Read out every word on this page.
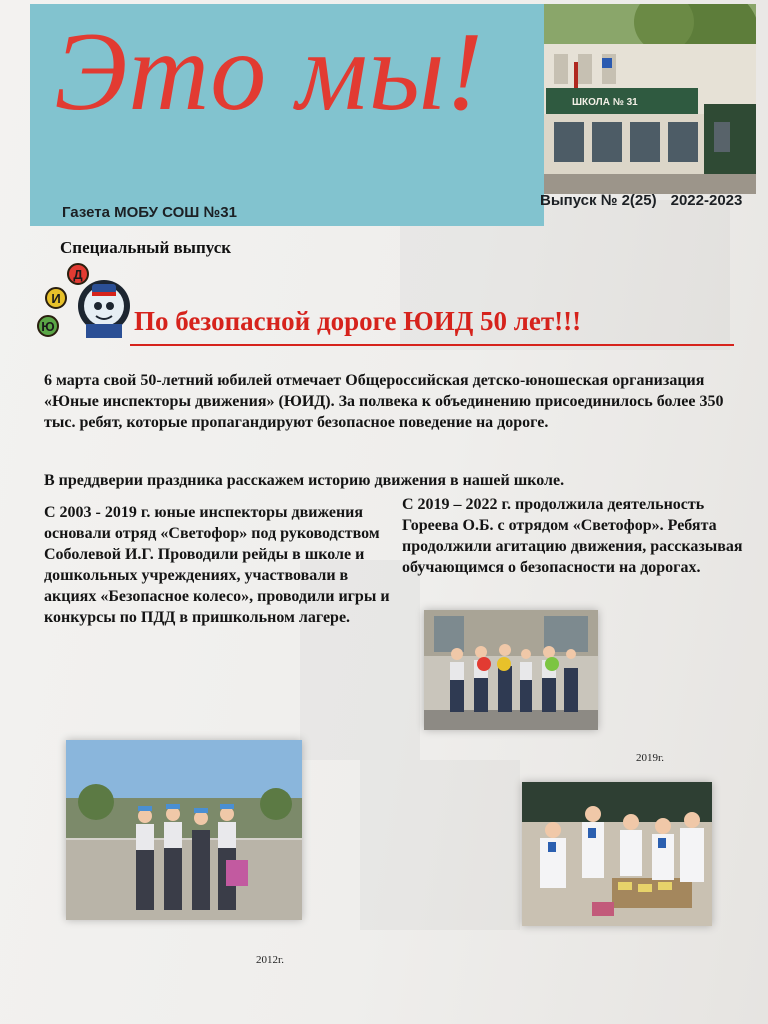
Это мы!
Газета МОБУ СОШ №31
ШКОЛА № 31
Выпуск № 2(25) 2022-2023
Специальный выпуск
И
Д
Ю	По безопасной дороге ЮИД 50 лет!!!
6 марта свой 50-летний юбилей отмечает Общероссийская детско-юношеская организация «Юные инспекторы движения» (ЮИД). За полвека к объединению присоединилось более 350 тыс. ребят, которые пропагандируют безопасное поведение на дороге.
В преддверии праздника расскажем историю движения в нашей школе.
С 2003 - 2019 г. юные инспекторы движения основали отряд «Светофор» под руководством Соболевой И.Г. Проводили рейды в школе и дошкольных учреждениях, участвовали в акциях «Безопасное колесо», проводили игры и конкурсы по ПДД в пришкольном лагере.
С 2019 – 2022 г. продолжила деятельность Гореева О.Б. с отрядом «Светофор». Ребята продолжили агитацию движения, рассказывая обучающимся о безопасности на дорогах.
2019г.
2012г.
